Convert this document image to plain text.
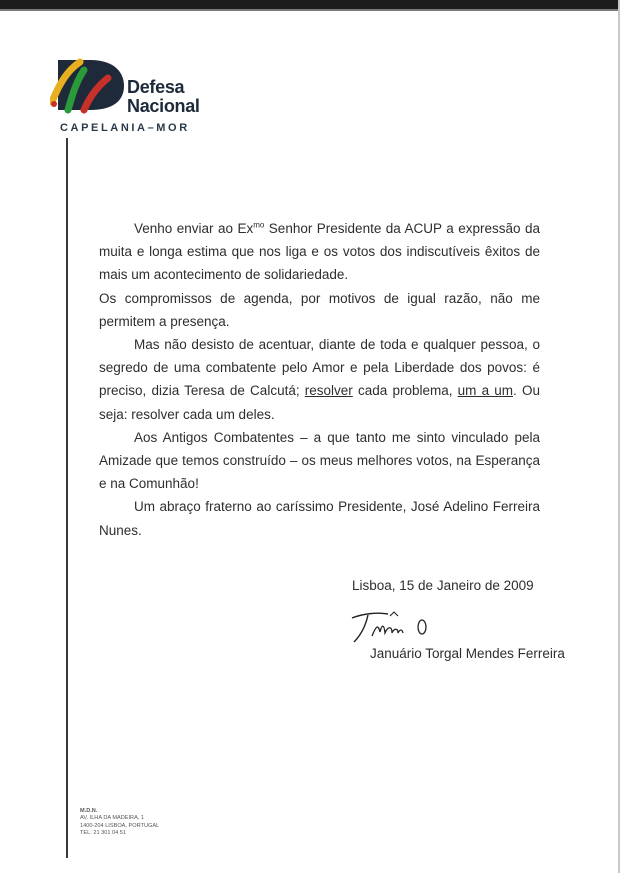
Defesa
Nacional
CAPELANIA–MOR

Venho enviar ao $Ex^{mo}$ Senhor Presidente da ACUP a expressão da muita e longa estima que nos liga e os votos dos indiscutíveis êxitos de mais um acontecimento de solidariedade.

Os compromissos de agenda, por motivos de igual razão, não me permitem a presença.

Mas não desisto de acentuar, diante de toda e qualquer pessoa, o segredo de uma combatente pelo Amor e pela Liberdade dos povos: é preciso, dizia Teresa de Calcutá; resolver cada problema, um a um. Ou seja: resolver cada um deles.

Aos Antigos Combatentes – a que tanto me sinto vinculado pela Amizade que temos construído – os meus melhores votos, na Esperança e na Comunhão!

Um abraço fraterno ao caríssimo Presidente, José Adelino Ferreira Nunes.

Lisboa, 15 de Janeiro de 2009
Januário Torgal Mendes Ferreira
M.D.N.
AV. ILHA DA MADEIRA, 1
1400-204 LISBOA, PORTUGAL
TEL. 21 301 04 51
